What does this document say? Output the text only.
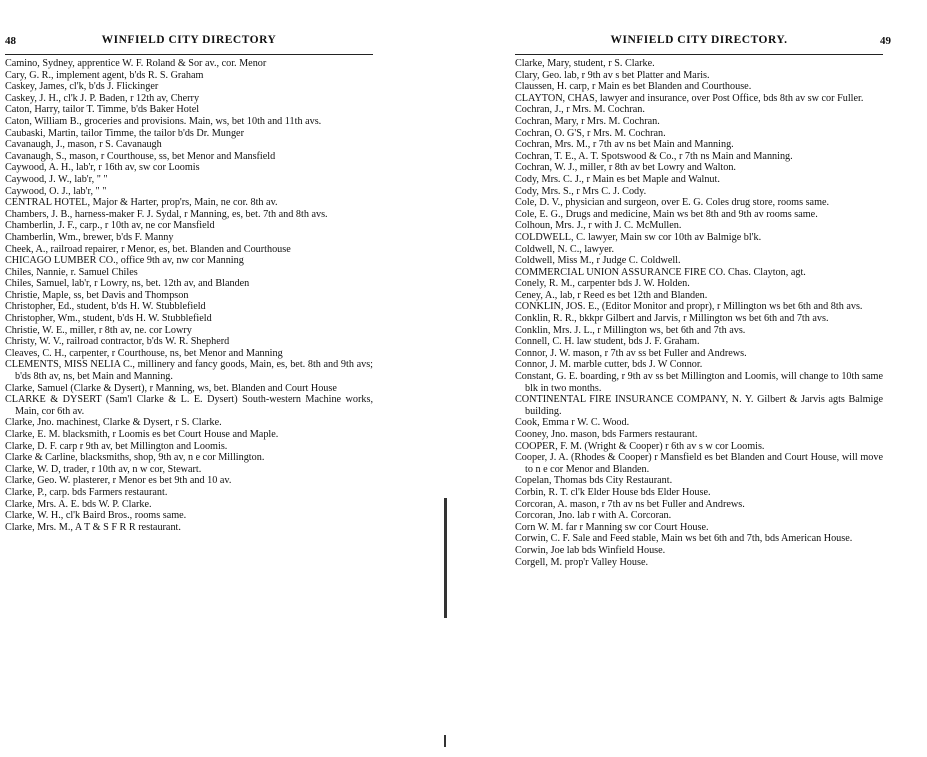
48	WINFIELD CITY DIRECTORY
Camino, Sydney, apprentice W. F. Roland & Sor av., cor. Menor
Cary, G. R., implement agent, b'ds R. S. Graham
Caskey, James, cl'k, b'ds J. Flickinger
Caskey, J. H., cl'k J. P. Baden, r 12th av, Cherry
Caton, Harry, tailor T. Timme, b'ds Baker Hotel
Caton, William B., groceries and provisions. Main, ws, bet 10th and 11th avs.
Caubaski, Martin, tailor Timme, the tailor b'ds Dr. Munger
Cavanaugh, J., mason, r S. Cavanaugh
Cavanaugh, S., mason, r Courthouse, ss, bet Menor and Mansfield
Caywood, A. H., lab'r, r 16th av, sw cor Loomis
Caywood, J. W., lab'r, " "
Caywood, O. J., lab'r, " "
CENTRAL HOTEL, Major & Harter, prop'rs, Main, ne cor. 8th av.
Chambers, J. B., harness-maker F. J. Sydal, r Manning, es, bet. 7th and 8th avs.
Chamberlin, J. F., carp., r 10th av, ne cor Mansfield
Chamberlin, Wm., brewer, b'ds F. Manny
Cheek, A., railroad repairer, r Menor, es, bet. Blanden and Courthouse
CHICAGO LUMBER CO., office 9th av, nw cor Manning
Chiles, Nannie, r. Samuel Chiles
Chiles, Samuel, lab'r, r Lowry, ns, bet. 12th av, and Blanden
Christie, Maple, ss, bet Davis and Thompson
Christopher, Ed., student, b'ds H. W. Stubblefield
Christopher, Wm., student, b'ds H. W. Stubblefield
Christie, W. E., miller, r 8th av, ne. cor Lowry
Christy, W. V., railroad contractor, b'ds W. R. Shepherd
Cleaves, C. H., carpenter, r Courthouse, ns, bet Menor and Manning
CLEMENTS, MISS NELIA C., millinery and fancy goods, Main, es, bet. 8th and 9th avs; b'ds 8th av, ns, bet Main and Manning.
Clarke, Samuel (Clarke & Dysert), r Manning, ws, bet. Blanden and Court House
CLARKE & DYSERT (Sam'l Clarke & L. E. Dysert) South-western Machine works, Main, cor 6th av.
Clarke, Jno. machinest, Clarke & Dysert, r S. Clarke.
Clarke, E. M. blacksmith, r Loomis es bet Court House and Maple.
Clarke, D. F. carp r 9th av, bet Millington and Loomis.
Clarke & Carline, blacksmiths, shop, 9th av, n e cor Millington.
Clarke, W. D, trader, r 10th av, n w cor, Stewart.
Clarke, Geo. W. plasterer, r Menor es bet 9th and 10 av.
Clarke, P., carp. bds Farmers restaurant.
Clarke, Mrs. A. E. bds W. P. Clarke.
Clarke, W. H., cl'k Baird Bros., rooms same.
Clarke, Mrs. M., A T & S F R R restaurant.
WINFIELD CITY DIRECTORY.	49
Clarke, Mary, student, r S. Clarke.
Clary, Geo. lab, r 9th av s bet Platter and Maris.
Claussen, H. carp, r Main es bet Blanden and Courthouse.
CLAYTON, CHAS, lawyer and insurance, over Post Office, bds 8th av sw cor Fuller.
Cochran, J., r Mrs. M. Cochran.
Cochran, Mary, r Mrs. M. Cochran.
Cochran, O. G'S, r Mrs. M. Cochran.
Cochran, Mrs. M., r 7th av ns bet Main and Manning.
Cochran, T. E., A. T. Spotswood & Co., r 7th ns Main and Manning.
Cochran, W. J., miller, r 8th av bet Lowry and Walton.
Cody, Mrs. C. J., r Main es bet Maple and Walnut.
Cody, Mrs. S., r Mrs C. J. Cody.
Cole, D. V., physician and surgeon, over E. G. Coles drug store, rooms same.
Cole, E. G., Drugs and medicine, Main ws bet 8th and 9th av rooms same.
Colhoun, Mrs. J., r with J. C. McMullen.
COLDWELL, C. lawyer, Main sw cor 10th av Balmige bl'k.
Coldwell, N. C., lawyer.
Coldwell, Miss M., r Judge C. Coldwell.
COMMERCIAL UNION ASSURANCE FIRE CO. Chas. Clayton, agt.
Conely, R. M., carpenter bds J. W. Holden.
Ceney, A., lab, r Reed es bet 12th and Blanden.
CONKLIN, JOS. E., (Editor Monitor and propr), r Millington ws bet 6th and 8th avs.
Conklin, R. R., bkkpr Gilbert and Jarvis, r Millington ws bet 6th and 7th avs.
Conklin, Mrs. J. L., r Millington ws, bet 6th and 7th avs.
Connell, C. H. law student, bds J. F. Graham.
Connor, J. W. mason, r 7th av ss bet Fuller and Andrews.
Connor, J. M. marble cutter, bds J. W Connor.
Constant, G. E. boarding, r 9th av ss bet Millington and Loomis, will change to 10th same blk in two months.
CONTINENTAL FIRE INSURANCE COMPANY, N. Y. Gilbert & Jarvis agts Balmige building.
Cook, Emma r W. C. Wood.
Cooney, Jno. mason, bds Farmers restaurant.
COOPER, F. M. (Wright & Cooper) r 6th av s w cor Loomis.
Cooper, J. A. (Rhodes & Cooper) r Mansfield es bet Blanden and Court House, will move to n e cor Menor and Blanden.
Copelan, Thomas bds City Restaurant.
Corbin, R. T. cl'k Elder House bds Elder House.
Corcoran, A. mason, r 7th av ns bet Fuller and Andrews.
Corcoran, Jno. lab r with A. Corcoran.
Corn W. M. far r Manning sw cor Court House.
Corwin, C. F. Sale and Feed stable, Main ws bet 6th and 7th, bds American House.
Corwin, Joe lab bds Winfield House.
Corgell, M. prop'r Valley House.
